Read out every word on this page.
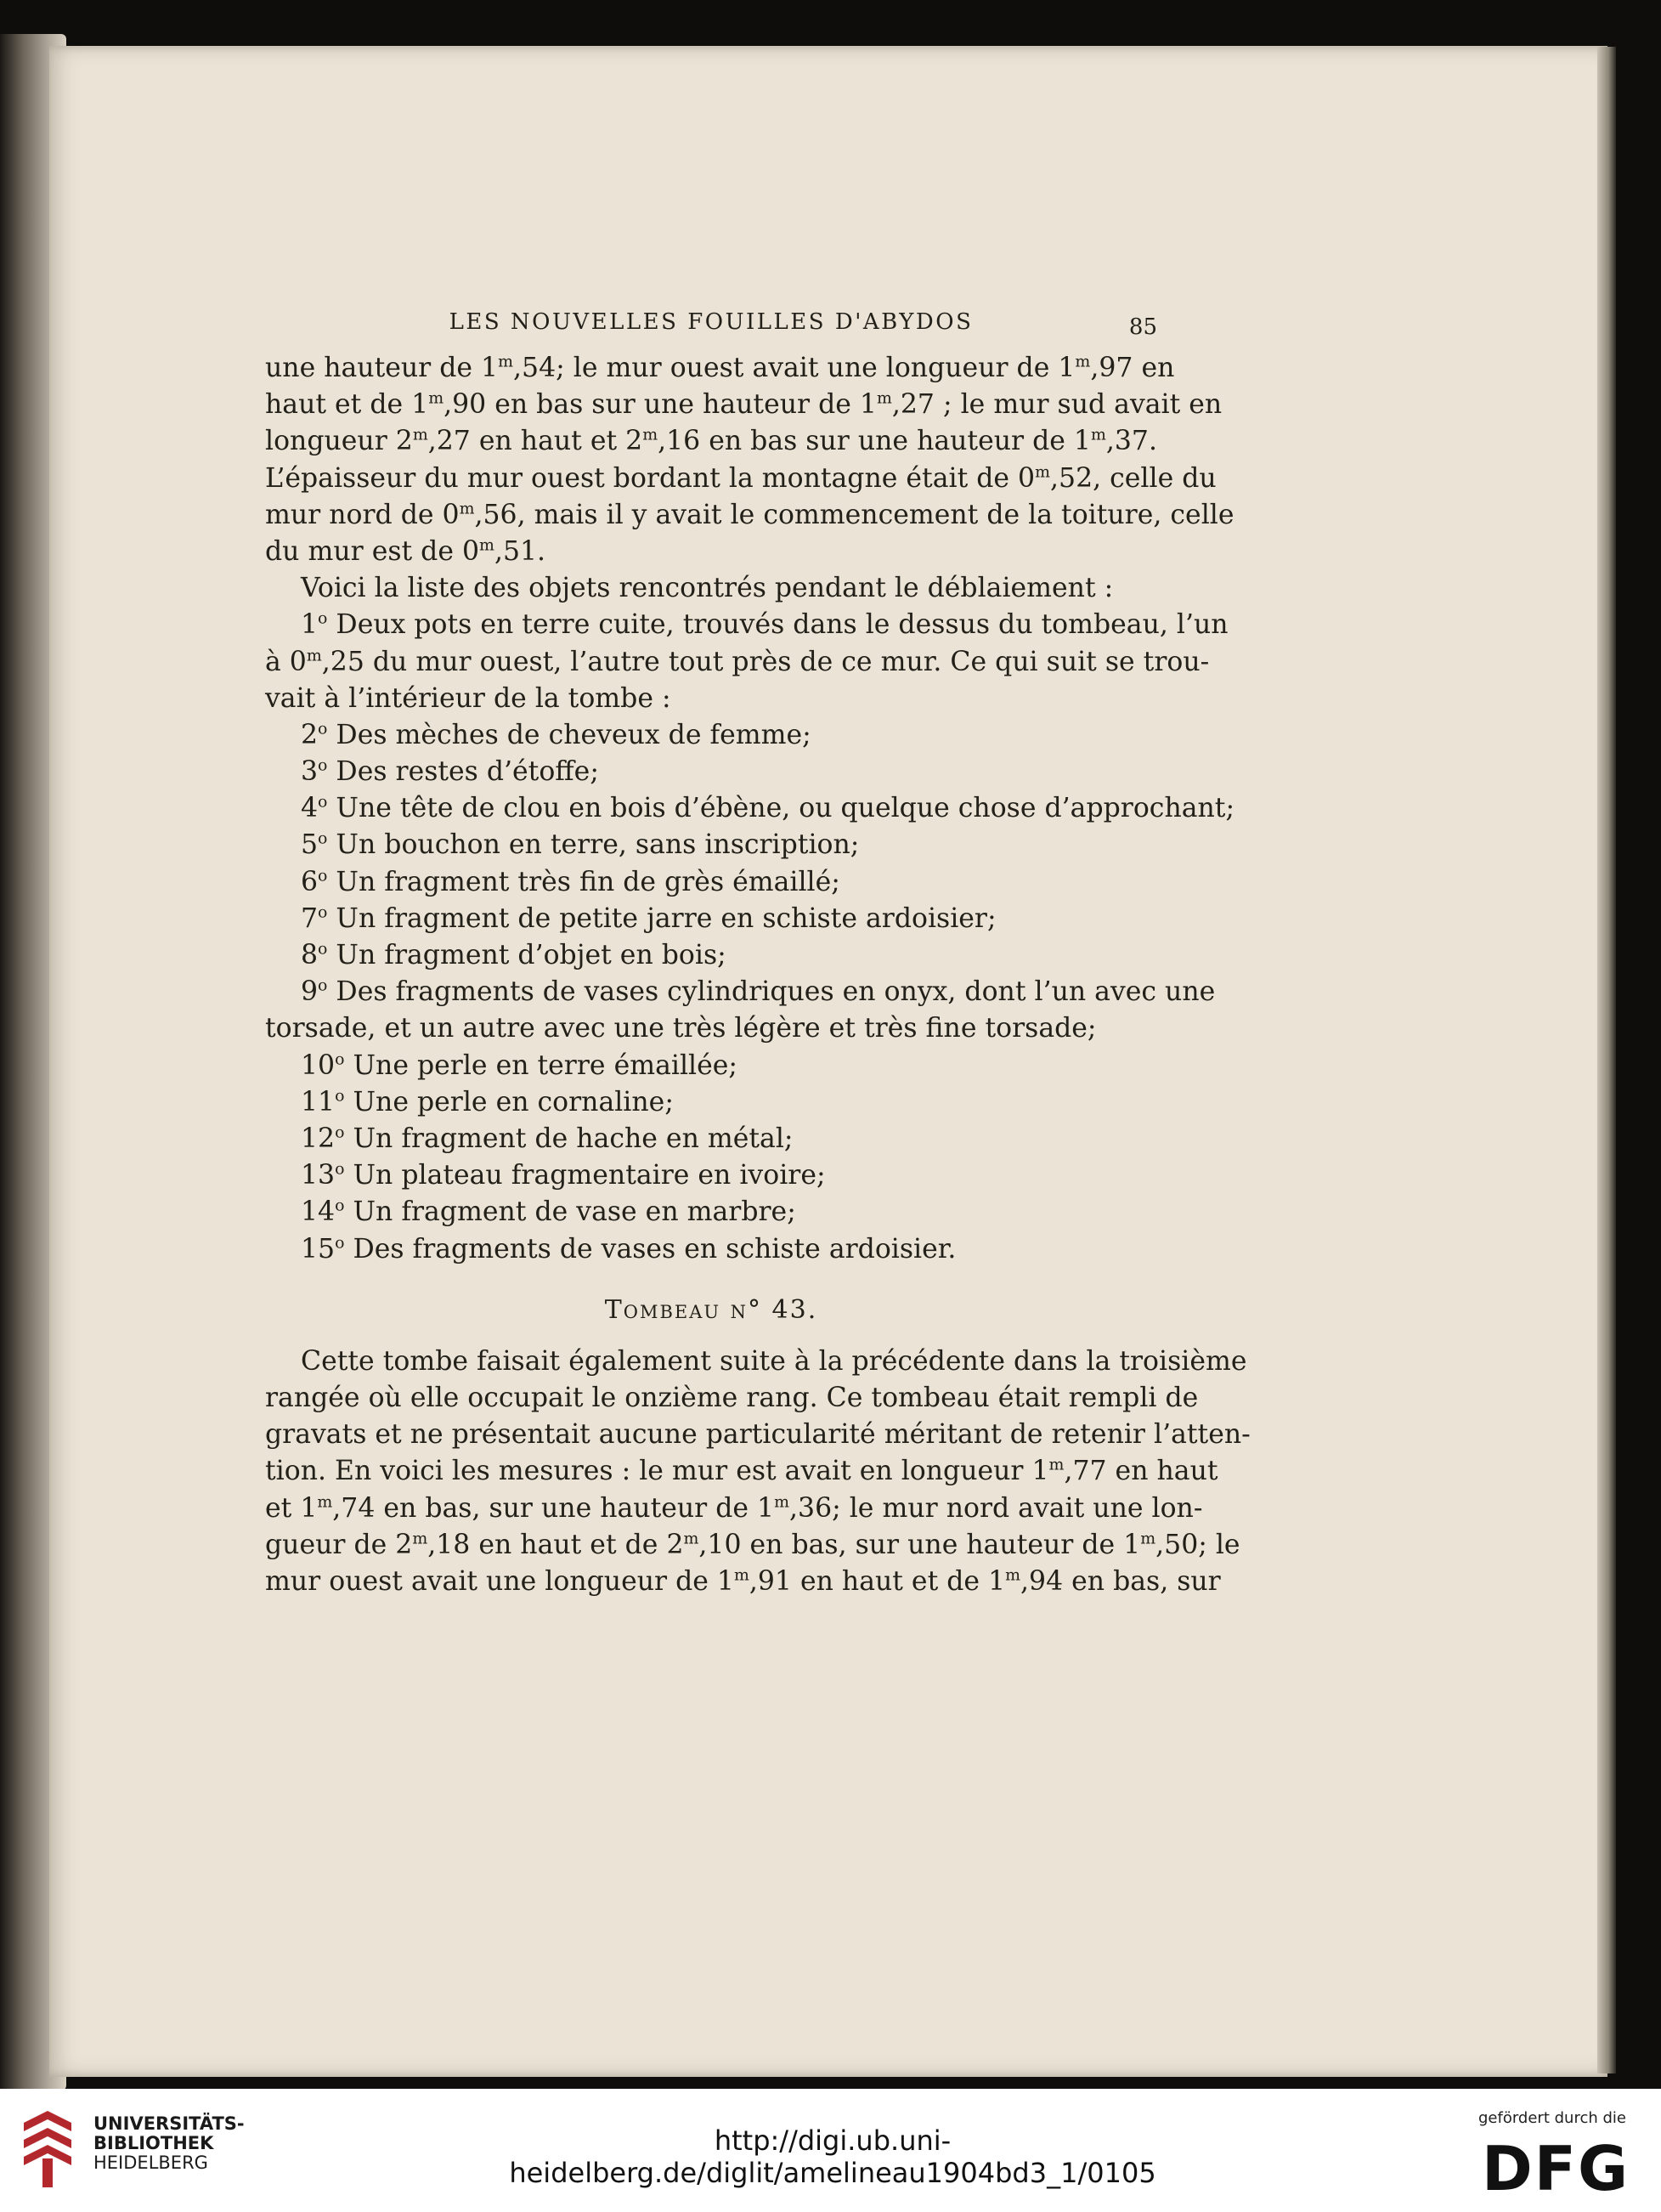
LES NOUVELLES FOUILLES D'ABYDOS	85
une hauteur de 1$^m$,54; le mur ouest avait une longueur de 1$^m$,97 en
haut et de 1$^m$,90 en bas sur une hauteur de 1$^m$,27 ; le mur sud avait en
longueur 2$^m$,27 en haut et 2$^m$,16 en bas sur une hauteur de 1$^m$,37.
L’épaisseur du mur ouest bordant la montagne était de 0$^m$,52, celle du
mur nord de 0$^m$,56, mais il y avait le commencement de la toiture, celle
du mur est de 0$^m$,51.
Voici la liste des objets rencontrés pendant le déblaiement :
1$^o$ Deux pots en terre cuite, trouvés dans le dessus du tombeau, l’un
à 0$^m$,25 du mur ouest, l’autre tout près de ce mur. Ce qui suit se trou-
vait à l’intérieur de la tombe :
2$^o$ Des mèches de cheveux de femme;
3$^o$ Des restes d’étoffe;
4$^o$ Une tête de clou en bois d’ébène, ou quelque chose d’approchant;
5$^o$ Un bouchon en terre, sans inscription;
6$^o$ Un fragment très fin de grès émaillé;
7$^o$ Un fragment de petite jarre en schiste ardoisier;
8$^o$ Un fragment d’objet en bois;
9$^o$ Des fragments de vases cylindriques en onyx, dont l’un avec une
torsade, et un autre avec une très légère et très fine torsade;
10$^o$ Une perle en terre émaillée;
11$^o$ Une perle en cornaline;
12$^o$ Un fragment de hache en métal;
13$^o$ Un plateau fragmentaire en ivoire;
14$^o$ Un fragment de vase en marbre;
15$^o$ Des fragments de vases en schiste ardoisier.
Tombeau n° 43.
Cette tombe faisait également suite à la précédente dans la troisième
rangée où elle occupait le onzième rang. Ce tombeau était rempli de
gravats et ne présentait aucune particularité méritant de retenir l’atten-
tion. En voici les mesures : le mur est avait en longueur 1$^m$,77 en haut
et 1$^m$,74 en bas, sur une hauteur de 1$^m$,36; le mur nord avait une lon-
gueur de 2$^m$,18 en haut et de 2$^m$,10 en bas, sur une hauteur de 1$^m$,50; le
mur ouest avait une longueur de 1$^m$,91 en haut et de 1$^m$,94 en bas, sur
UNIVERSITÄTS-
BIBLIOTHEK
HEIDELBERG
http://digi.ub.uni-heidelberg.de/diglit/amelineau1904bd3_1/0105
gefördert durch die
DFG
